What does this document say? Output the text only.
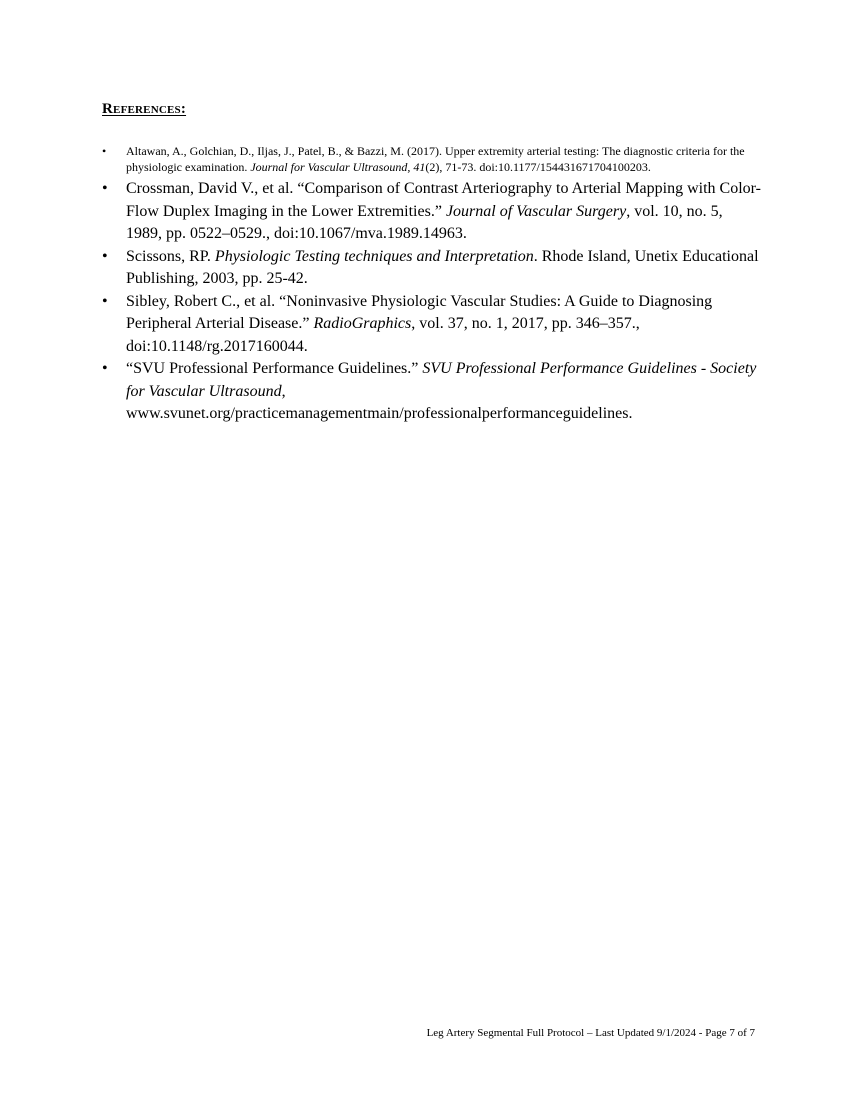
References:
• Altawan, A., Golchian, D., Iljas, J., Patel, B., & Bazzi, M. (2017). Upper extremity arterial testing: The diagnostic criteria for the physiologic examination. Journal for Vascular Ultrasound, 41(2), 71-73. doi:10.1177/154431671704100203.
• Crossman, David V., et al. “Comparison of Contrast Arteriography to Arterial Mapping with Color-Flow Duplex Imaging in the Lower Extremities.” Journal of Vascular Surgery, vol. 10, no. 5, 1989, pp. 0522–0529., doi:10.1067/mva.1989.14963.
• Scissons, RP. Physiologic Testing techniques and Interpretation. Rhode Island, Unetix Educational Publishing, 2003, pp. 25-42.
• Sibley, Robert C., et al. “Noninvasive Physiologic Vascular Studies: A Guide to Diagnosing Peripheral Arterial Disease.” RadioGraphics, vol. 37, no. 1, 2017, pp. 346–357., doi:10.1148/rg.2017160044.
• “SVU Professional Performance Guidelines.” SVU Professional Performance Guidelines - Society for Vascular Ultrasound, www.svunet.org/practicemanagementmain/professionalperformanceguidelines.
Leg Artery Segmental Full Protocol – Last Updated 9/1/2024 - Page 7 of 7
